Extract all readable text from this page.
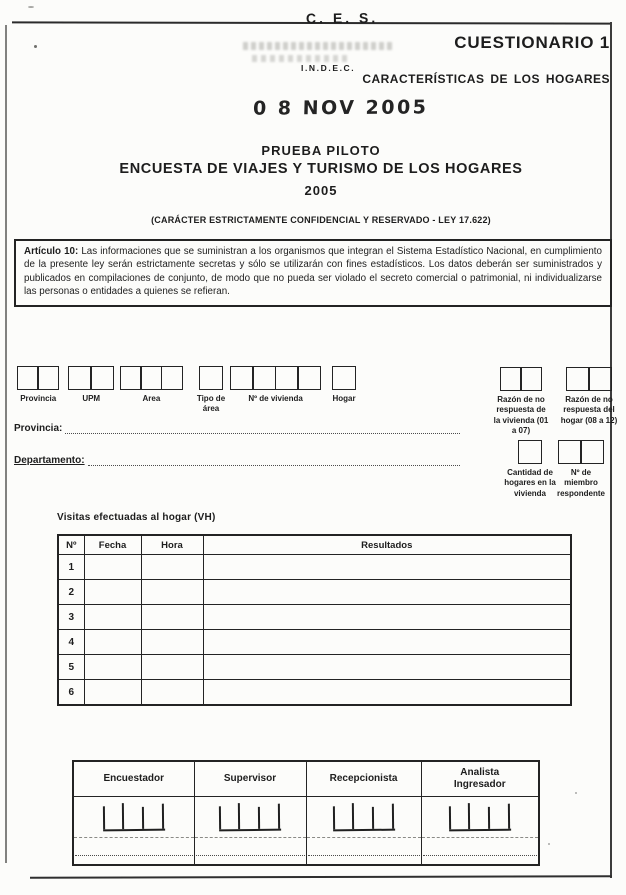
C. E. S.
CUESTIONARIO 1
I.N.D.E.C.
CARACTERÍSTICAS DE LOS HOGARES
0 8 NOV 2005
PRUEBA PILOTO
ENCUESTA DE VIAJES Y TURISMO DE LOS HOGARES
2005
(CARÁCTER ESTRICTAMENTE CONFIDENCIAL Y RESERVADO - LEY 17.622)
Artículo 10: Las informaciones que se suministran a los organismos que integran el Sistema Estadístico Nacional, en cumplimiento de la presente ley serán estrictamente secretas y sólo se utilizarán con fines estadísticos. Los datos deberán ser suministrados y publicados en compilaciones de conjunto, de modo que no pueda ser violado el secreto comercial o patrimonial, ni individualizarse las personas o entidades a quienes se refieran.
Provincia	UPM	Area	Tipo de área
Nº de vivienda	Hogar	Razón de no respuesta de la vivienda (01 a 07)
Razón de no respuesta del hogar (08 a 12)
Cantidad de hogares en la vivienda
Nº de miembro respondente
Provincia:
Departamento:
Visitas efectuadas al hogar (VH)
Nº	Fecha	Hora	Resultados
1			
2			
3			
4			
5			
6			
Encuestador	Supervisor	Recepcionista	Analista Ingresador
